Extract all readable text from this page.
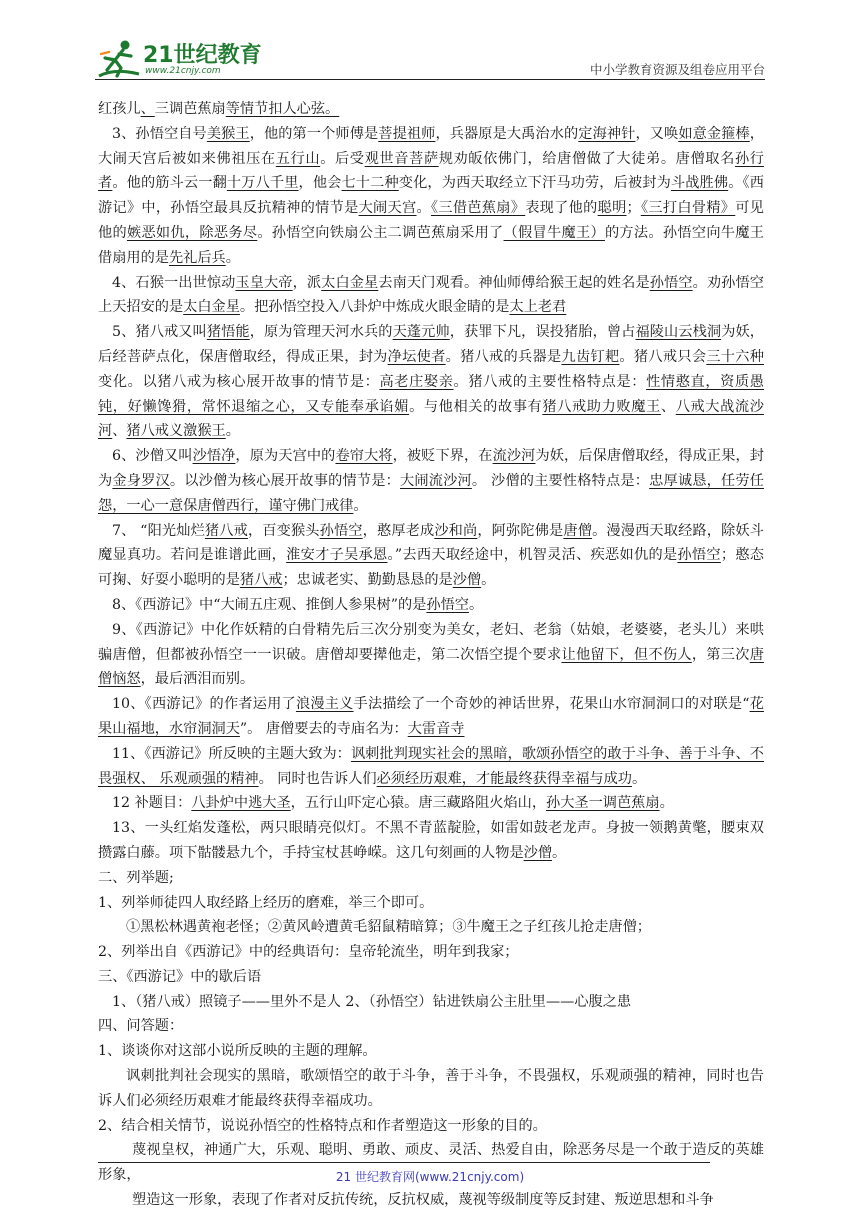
21世纪教育
www.21cnjy.com	中小学教育资源及组卷应用平台

红孩儿、三调芭蕉扇等情节扣人心弦。

3、孙悟空自号美猴王，他的第一个师傅是菩提祖师，兵器原是大禹治水的定海神针，又唤如意金箍棒，大闹天宫后被如来佛祖压在五行山。后受观世音菩萨规劝皈依佛门，给唐僧做了大徒弟。唐僧取名孙行者。他的筋斗云一翻十万八千里，他会七十二种变化，为西天取经立下汗马功劳，后被封为斗战胜佛。《西游记》中，孙悟空最具反抗精神的情节是大闹天宫。《三借芭蕉扇》表现了他的聪明；《三打白骨精》可见他的嫉恶如仇，除恶务尽。孙悟空向铁扇公主二调芭蕉扇采用了（假冒牛魔王）的方法。孙悟空向牛魔王借扇用的是先礼后兵。

4、石猴一出世惊动玉皇大帝，派太白金星去南天门观看。神仙师傅给猴王起的姓名是孙悟空。劝孙悟空上天招安的是太白金星。把孙悟空投入八卦炉中炼成火眼金睛的是太上老君

5、猪八戒又叫猪悟能，原为管理天河水兵的天蓬元帅，获罪下凡，误投猪胎，曾占福陵山云栈洞为妖，后经菩萨点化，保唐僧取经，得成正果，封为净坛使者。猪八戒的兵器是九齿钉耙。猪八戒只会三十六种变化。以猪八戒为核心展开故事的情节是：高老庄娶亲。猪八戒的主要性格特点是：性情憨直，资质愚钝，好懒馋猾，常怀退缩之心，又专能奉承谄媚。与他相关的故事有猪八戒助力败魔王、八戒大战流沙河、猪八戒义激猴王。

6、沙僧又叫沙悟净，原为天宫中的卷帘大将，被贬下界，在流沙河为妖，后保唐僧取经，得成正果，封为金身罗汉。以沙僧为核心展开故事的情节是：大闹流沙河。 沙僧的主要性格特点是：忠厚诚恳，任劳任怨，一心一意保唐僧西行，谨守佛门戒律。

7、 “阳光灿烂猪八戒，百变猴头孙悟空，憨厚老成沙和尚，阿弥陀佛是唐僧。漫漫西天取经路，除妖斗魔显真功。若问是谁谱此画，淮安才子吴承恩。”去西天取经途中，机智灵活、疾恶如仇的是孙悟空；憨态可掬、好耍小聪明的是猪八戒；忠诚老实、勤勤恳恳的是沙僧。

8、《西游记》中“大闹五庄观、推倒人参果树”的是孙悟空。

9、《西游记》中化作妖精的白骨精先后三次分别变为美女，老妇、老翁（姑娘，老婆婆，老头儿）来哄骗唐僧，但都被孙悟空一一识破。唐僧却要撵他走，第二次悟空提个要求让他留下，但不伤人，第三次唐僧恼怒，最后洒泪而别。

10、《西游记》的作者运用了浪漫主义手法描绘了一个奇妙的神话世界，花果山水帘洞洞口的对联是“花果山福地，水帘洞洞天”。 唐僧要去的寺庙名为：大雷音寺

11、《西游记》所反映的主题大致为：讽刺批判现实社会的黑暗，歌颂孙悟空的敢于斗争、善于斗争、不畏强权、 乐观顽强的精神。 同时也告诉人们必须经历艰难，才能最终获得幸福与成功。

12 补题目：八卦炉中逃大圣，五行山吓定心猿。唐三藏路阻火焰山，孙大圣一调芭蕉扇。

13、一头红焰发蓬松，两只眼睛亮似灯。不黑不青蓝靛脸，如雷如鼓老龙声。身披一领鹅黄氅，腰束双攒露白藤。项下骷髅悬九个，手持宝杖甚峥嵘。这几句刻画的人物是沙僧。

二、列举题;

1、列举师徒四人取经路上经历的磨难，举三个即可。

①黑松林遇黄袍老怪；②黄风岭遭黄毛貂鼠精暗算；③牛魔王之子红孩儿抢走唐僧；

2、列举出自《西游记》中的经典语句：皇帝轮流坐，明年到我家；

三、《西游记》中的歇后语

1、（猪八戒）照镜子——里外不是人 2、（孙悟空）钻进铁扇公主肚里——心腹之患

四、问答题：

1、谈谈你对这部小说所反映的主题的理解。

讽刺批判社会现实的黑暗，歌颂悟空的敢于斗争，善于斗争，不畏强权，乐观顽强的精神，同时也告诉人们必须经历艰难才能最终获得幸福成功。

2、结合相关情节，说说孙悟空的性格特点和作者塑造这一形象的目的。

蔑视皇权，神通广大，乐观、聪明、勇敢、顽皮、灵活、热爱自由，除恶务尽是一个敢于造反的英雄形象，

塑造这一形象，表现了作者对反抗传统，反抗权威，蔑视等级制度等反封建、叛逆思想和斗争

21 世纪教育网(www.21cnjy.com)
